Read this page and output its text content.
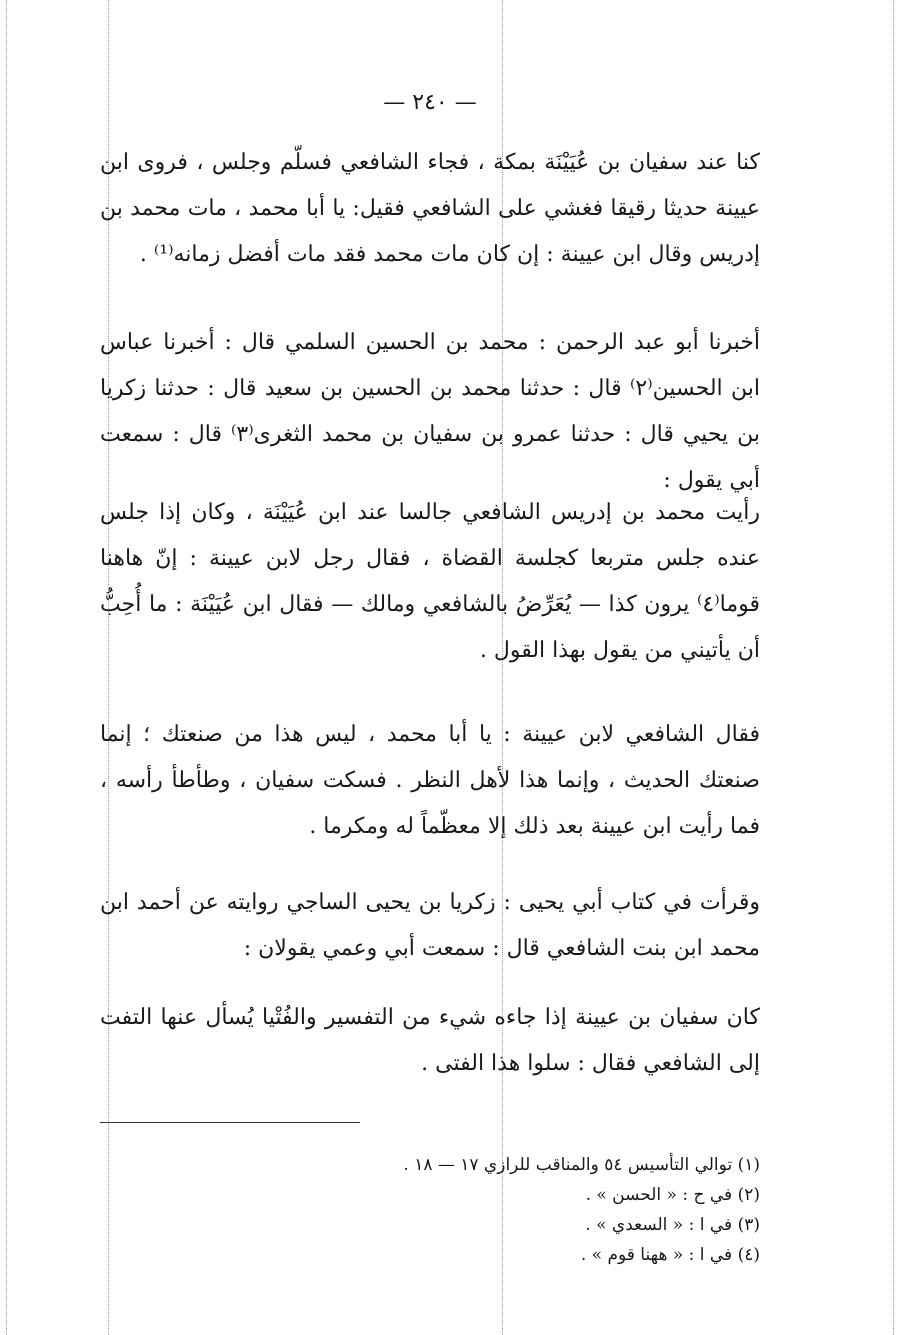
— ٢٤٠ —

كنا عند سفيان بن عُيَيْنَة بمكة ، فجاء الشافعي فسلّم وجلس ، فروى ابن عيينة حديثا رقيقا فغشي على الشافعي فقيل: يا أبا محمد ، مات محمد بن إدريس وقال ابن عيينة : إن كان مات محمد فقد مات أفضل زمانه⁽¹⁾ .

أخبرنا أبو عبد الرحمن : محمد بن الحسين السلمي قال : أخبرنا عباس ابن الحسين⁽٢⁾ قال : حدثنا محمد بن الحسين بن سعيد قال : حدثنا زكريا بن يحيي قال : حدثنا عمرو بن سفيان بن محمد الثغرى⁽٣⁾ قال : سمعت أبي يقول :

رأيت محمد بن إدريس الشافعي جالسا عند ابن عُيَيْنَة ، وكان إذا جلس عنده جلس متربعا كجلسة القضاة ، فقال رجل لابن عيينة : إنّ هاهنا قوما⁽٤⁾ يرون كذا — يُعَرِّضُ بالشافعي ومالك — فقال ابن عُيَيْنَة : ما أُحِبُّ أن يأتيني من يقول بهذا القول .

فقال الشافعي لابن عيينة : يا أبا محمد ، ليس هذا من صنعتك ؛ إنما صنعتك الحديث ، وإنما هذا لأهل النظر . فسكت سفيان ، وطأطأ رأسه ، فما رأيت ابن عيينة بعد ذلك إلا معظّماً له ومكرما .

وقرأت في كتاب أبي يحيى : زكريا بن يحيى الساجي روايته عن أحمد ابن محمد ابن بنت الشافعي قال : سمعت أبي وعمي يقولان :

كان سفيان بن عيينة إذا جاءه شيء من التفسير والفُتْيا يُسأل عنها التفت إلى الشافعي فقال : سلوا هذا الفتى .

(١) توالي التأسيس ٥٤ والمناقب للرازي ١٧ — ١٨ .
(٢) في ح : « الحسن » .
(٣) في ا : « السعدي » .
(٤) في ا : « ههنا قوم » .
